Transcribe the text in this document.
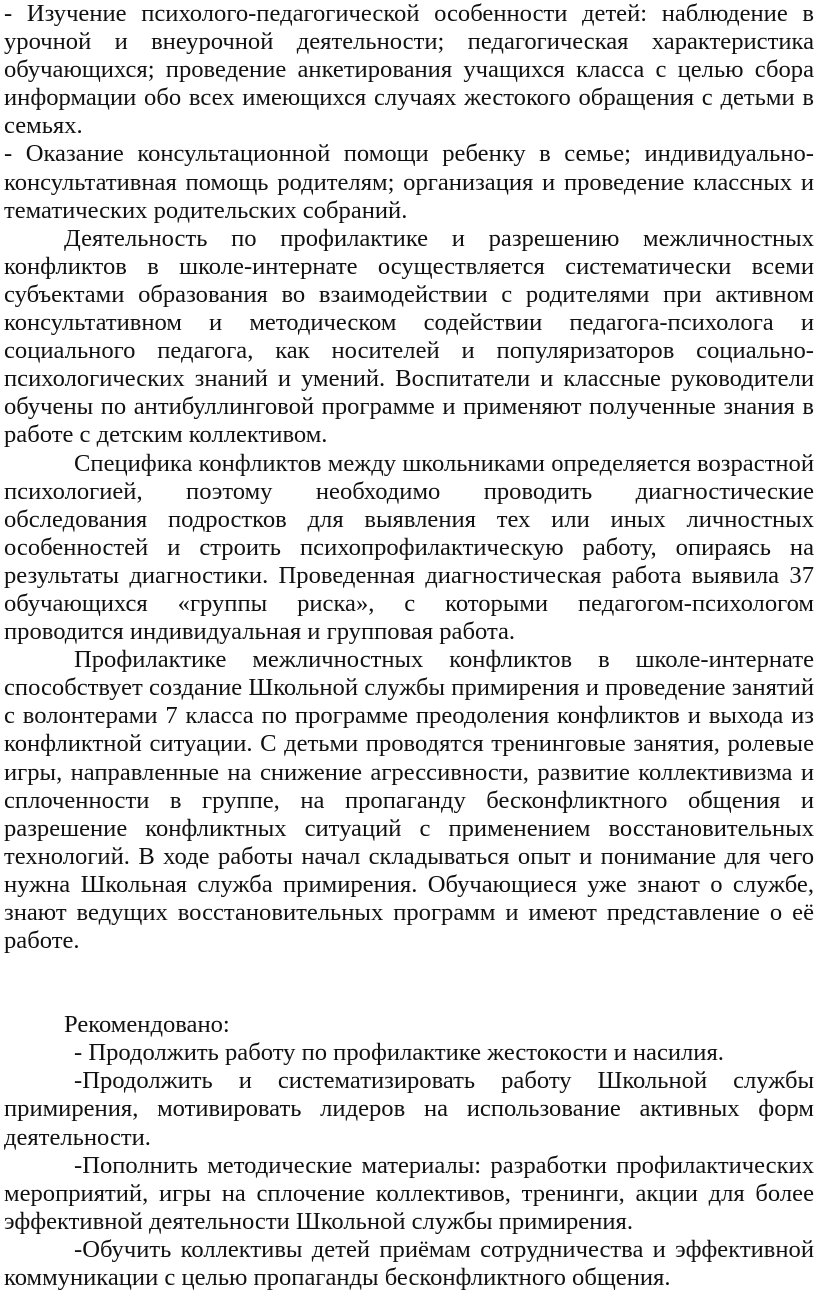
- Изучение психолого-педагогической особенности детей: наблюдение в урочной и внеурочной деятельности; педагогическая характеристика обучающихся; проведение анкетирования учащихся класса с целью сбора информации обо всех имеющихся случаях жестокого обращения с детьми в семьях.

- Оказание консультационной помощи ребенку в семье; индивидуально-консультативная помощь родителям; организация и проведение классных и тематических родительских собраний.

Деятельность по профилактике и разрешению межличностных конфликтов в школе-интернате осуществляется систематически всеми субъектами образования во взаимодействии с родителями при активном консультативном и методическом содействии педагога-психолога и социального педагога, как носителей и популяризаторов социально-психологических знаний и умений. Воспитатели и классные руководители обучены по антибуллинговой программе и применяют полученные знания в работе с детским коллективом.

Специфика конфликтов между школьниками определяется возрастной психологией, поэтому необходимо проводить диагностические обследования подростков для выявления тех или иных личностных особенностей и строить психопрофилактическую работу, опираясь на результаты диагностики. Проведенная диагностическая работа выявила 37 обучающихся «группы риска», с которыми педагогом-психологом проводится индивидуальная и групповая работа.

Профилактике межличностных конфликтов в школе-интернате способствует создание Школьной службы примирения и проведение занятий с волонтерами 7 класса по программе преодоления конфликтов и выхода из конфликтной ситуации. С детьми проводятся тренинговые занятия, ролевые игры, направленные на снижение агрессивности, развитие коллективизма и сплоченности в группе, на пропаганду бесконфликтного общения и разрешение конфликтных ситуаций с применением восстановительных технологий. В ходе работы начал складываться опыт и понимание для чего нужна Школьная служба примирения. Обучающиеся уже знают о службе, знают ведущих восстановительных программ и имеют представление о её работе.

Рекомендовано:

- Продолжить работу по профилактике жестокости и насилия.

-Продолжить и систематизировать работу Школьной службы примирения, мотивировать лидеров на использование активных форм деятельности.

-Пополнить методические материалы: разработки профилактических мероприятий, игры на сплочение коллективов, тренинги, акции для более эффективной деятельности Школьной службы примирения.

-Обучить коллективы детей приёмам сотрудничества и эффективной коммуникации с целью пропаганды бесконфликтного общения.
